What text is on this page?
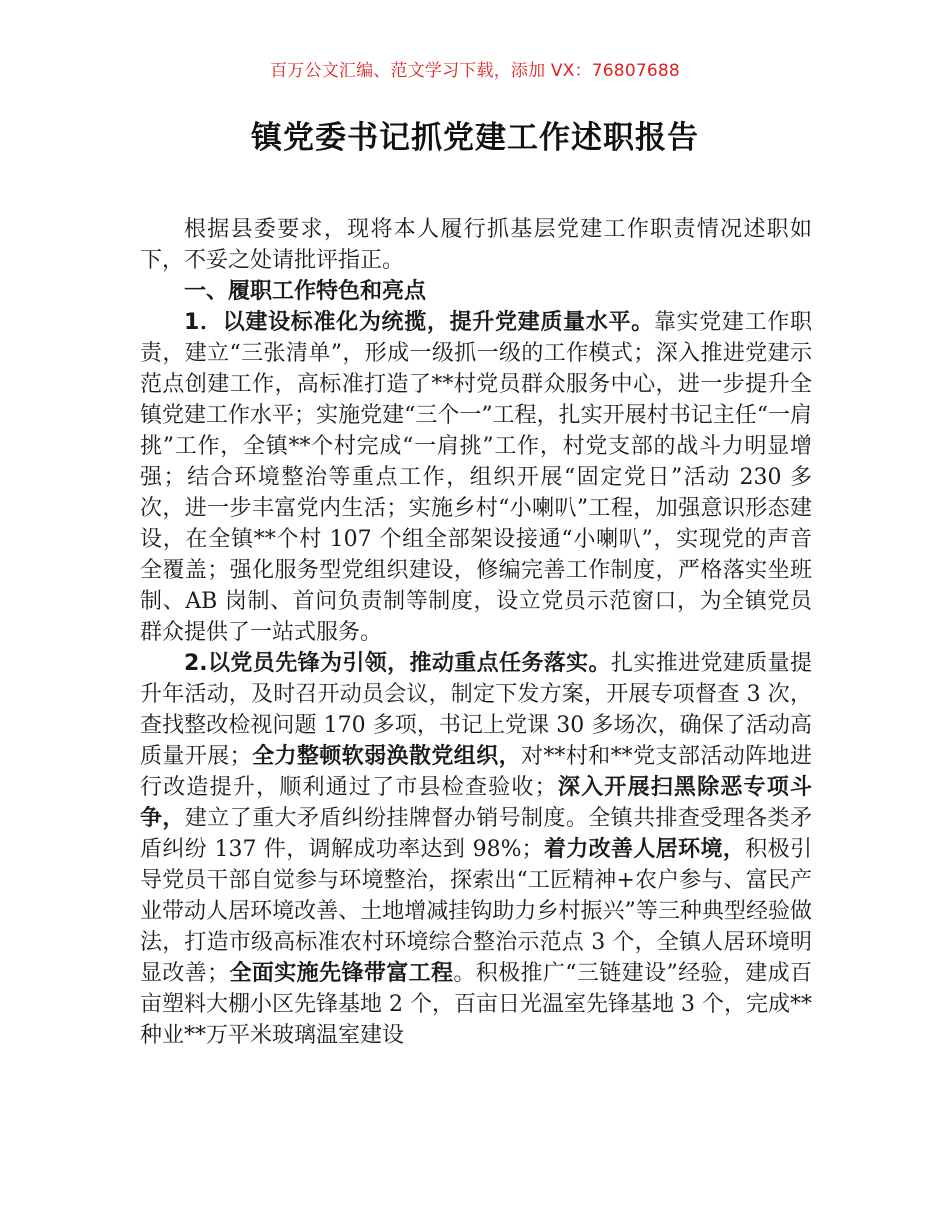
百万公文汇编、范文学习下载，添加 VX：76807688
镇党委书记抓党建工作述职报告

根据县委要求，现将本人履行抓基层党建工作职责情况述职如下，不妥之处请批评指正。

一、履职工作特色和亮点

1．以建设标准化为统揽，提升党建质量水平。靠实党建工作职责，建立“三张清单”，形成一级抓一级的工作模式；深入推进党建示范点创建工作，高标准打造了**村党员群众服务中心，进一步提升全镇党建工作水平；实施党建“三个一”工程，扎实开展村书记主任“一肩挑”工作，全镇**个村完成“一肩挑”工作，村党支部的战斗力明显增强；结合环境整治等重点工作，组织开展“固定党日”活动 230 多次，进一步丰富党内生活；实施乡村“小喇叭”工程，加强意识形态建设，在全镇**个村 107 个组全部架设接通“小喇叭”，实现党的声音全覆盖；强化服务型党组织建设，修编完善工作制度，严格落实坐班制、AB 岗制、首问负责制等制度，设立党员示范窗口，为全镇党员群众提供了一站式服务。

2.以党员先锋为引领，推动重点任务落实。扎实推进党建质量提升年活动，及时召开动员会议，制定下发方案，开展专项督查 3 次，查找整改检视问题 170 多项，书记上党课 30 多场次，确保了活动高质量开展；全力整顿软弱涣散党组织，对**村和**党支部活动阵地进行改造提升，顺利通过了市县检查验收；深入开展扫黑除恶专项斗争，建立了重大矛盾纠纷挂牌督办销号制度。全镇共排查受理各类矛盾纠纷 137 件，调解成功率达到 98%；着力改善人居环境，积极引导党员干部自觉参与环境整治，探索出“工匠精神+农户参与、富民产业带动人居环境改善、土地增减挂钩助力乡村振兴”等三种典型经验做法，打造市级高标准农村环境综合整治示范点 3 个，全镇人居环境明显改善；全面实施先锋带富工程。积极推广“三链建设”经验，建成百亩塑料大棚小区先锋基地 2 个，百亩日光温室先锋基地 3 个，完成**种业**万平米玻璃温室建设
